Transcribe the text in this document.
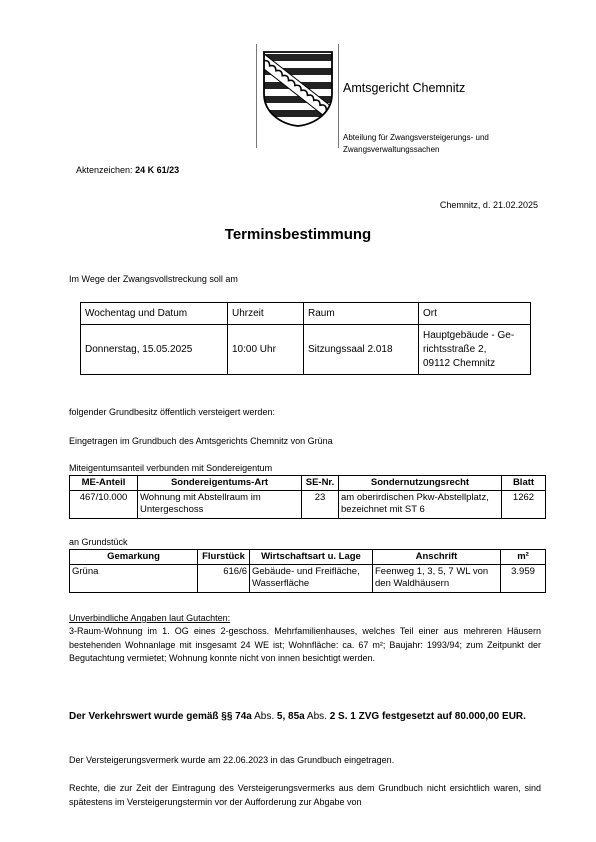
Amtsgericht Chemnitz
Abteilung für Zwangsversteigerungs- und
Zwangsverwaltungssachen
Aktenzeichen: 24 K 61/23
Chemnitz, d. 21.02.2025
Terminsbestimmung
Im Wege der Zwangsvollstreckung soll am
Wochentag und Datum	Uhrzeit	Raum	Ort
Donnerstag, 15.05.2025	10:00 Uhr	Sitzungssaal 2.018	Hauptgebäude - Ge-
richtsstraße 2,
09112 Chemnitz
folgender Grundbesitz öffentlich versteigert werden:
Eingetragen im Grundbuch des Amtsgerichts Chemnitz von Grüna
Miteigentumsanteil verbunden mit Sondereigentum
ME-Anteil	Sondereigentums-Art	SE-Nr.	Sondernutzungsrecht	Blatt
467/10.000	Wohnung mit Abstellraum im Untergeschoss	23	am oberirdischen Pkw-Abstellplatz, bezeichnet mit ST 6	1262
an Grundstück
Gemarkung	Flurstück	Wirtschaftsart u. Lage	Anschrift	m²
Grüna	616/6	Gebäude- und Freifläche, Wasserfläche	Feenweg 1, 3, 5, 7 WL von den Waldhäusern	3.959
Unverbindliche Angaben laut Gutachten:
3-Raum-Wohnung im 1. OG eines 2-geschoss. Mehrfamilienhauses, welches Teil einer aus mehreren Häusern bestehenden Wohnanlage mit insgesamt 24 WE ist; Wohnfläche: ca. 67 m²; Baujahr: 1993/94; zum Zeitpunkt der Begutachtung vermietet; Wohnung konnte nicht von innen besichtigt werden.
Der Verkehrswert wurde gemäß §§ 74a Abs. 5, 85a Abs. 2 S. 1 ZVG festgesetzt auf 80.000,00 EUR.
Der Versteigerungsvermerk wurde am 22.06.2023 in das Grundbuch eingetragen.
Rechte, die zur Zeit der Eintragung des Versteigerungsvermerks aus dem Grundbuch nicht ersichtlich waren, sind spätestens im Versteigerungstermin vor der Aufforderung zur Abgabe von
